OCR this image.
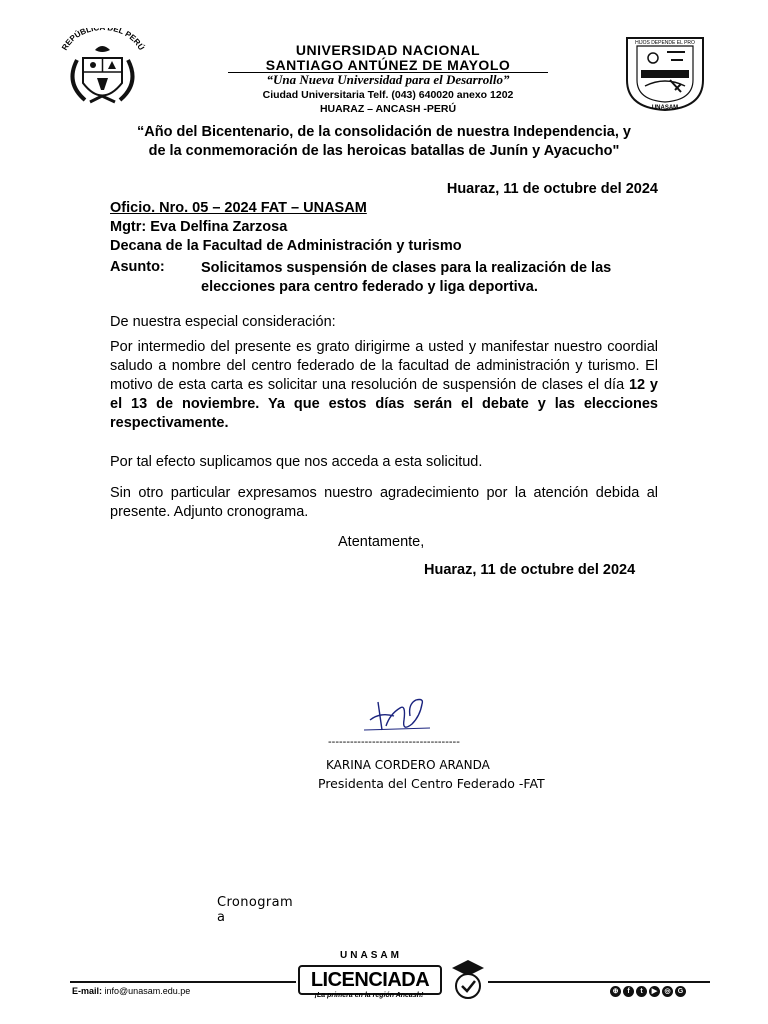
REPÚBLI DEL PERÚ	HIJOS DEPENDE EL PRO
UNASAM
UNIVERSIDAD NACIONAL
SANTIAGO ANTÚNEZ DE MAYOLO
“Una Nueva Universidad para el Desarrollo”
Ciudad Universitaria Telf. (043) 640020 anexo 1202
HUARAZ – ANCASH -PERÚ
“Año del Bicentenario, de la consolidación de nuestra Independencia, y
de la conmemoración de las heroicas batallas de Junín y Ayacucho"
Huaraz, 11 de octubre del 2024
Oficio. Nro. 05 – 2024 FAT – UNASAM
Mgtr: Eva Delfina Zarzosa
Decana de la Facultad de Administración y turismo
Asunto: Solicitamos suspensión de clases para la realización de las elecciones para centro federado y liga deportiva.
De nuestra especial consideración:
Por intermedio del presente es grato dirigirme a usted y manifestar nuestro coordial saludo a nombre del centro federado de la facultad de administración y turismo. El motivo de esta carta es solicitar una resolución de suspensión de clases el día 12 y el 13 de noviembre. Ya que estos días serán el debate y las elecciones respectivamente.
Por tal efecto suplicamos que nos acceda a esta solicitud.
Sin otro particular expresamos nuestro agradecimiento por la atención debida al presente. Adjunto cronograma.
Atentamente,
Huaraz, 11 de octubre del 2024
------------------------------------
KARINA CORDERO ARANDA
Presidenta del Centro Federado -FAT
Cronograma
E-mail: info@unasam.edu.pe
UNASAM
LICENCIADA
¡La primera en la región Ancash!
⊕	f	t	▶	◎	G
